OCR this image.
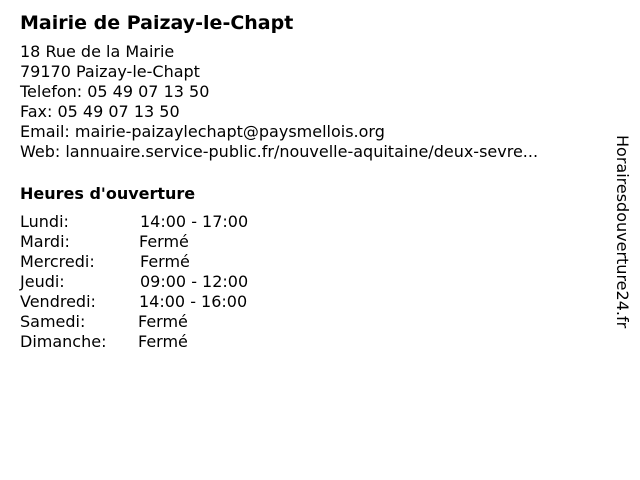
Mairie de Paizay-le-Chapt
18 Rue de la Mairie
79170 Paizay-le-Chapt
Telefon: 05 49 07 13 50
Fax: 05 49 07 13 50
Email: mairie-paizaylechapt@paysmellois.org
Web: lannuaire.service-public.fr/nouvelle-aquitaine/deux-sevre...
Heures d'ouverture
Lundi:	14:00 - 17:00
Mardi:	Fermé
Mercredi:	Fermé
Jeudi:	09:00 - 12:00
Vendredi:	14:00 - 16:00
Samedi:	Fermé
Dimanche: Fermé
Horairesdouverture24.fr
